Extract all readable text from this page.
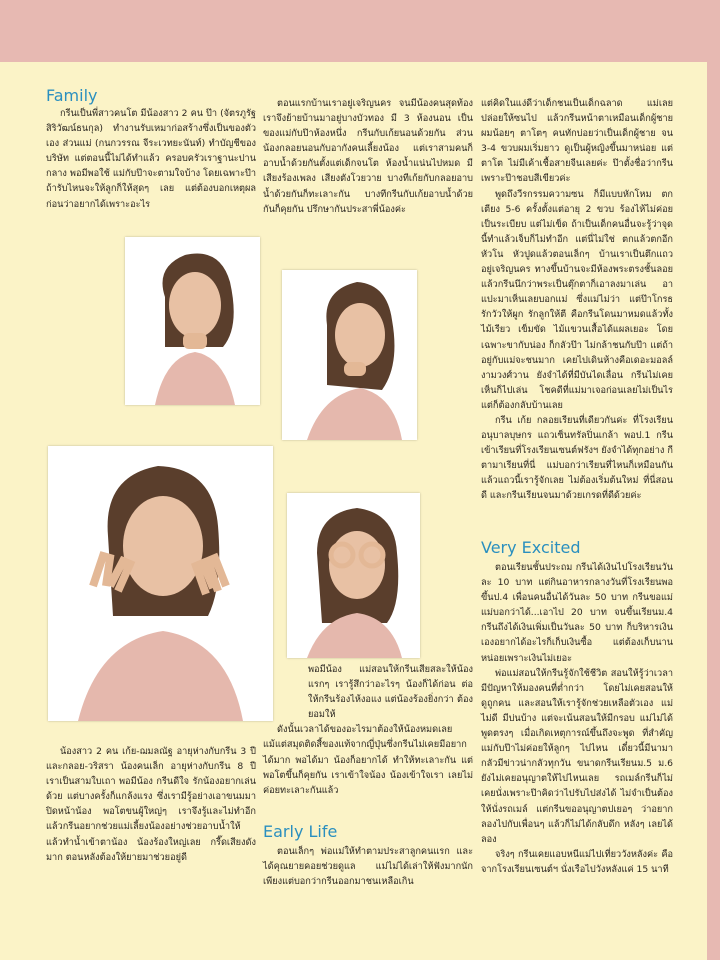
Family

กรีนเป็นพี่สาวคนโต มีน้องสาว 2 คน ป๊า (จัตรภูรัฐ สิริวัฒน์ธนกุล) ทำงานรับเหมาก่อสร้างซึ่งเป็นของตัวเอง ส่วนแม่ (กนกวรรณ จีระเวทยะนันท์) ทำบัญชีของบริษัท แต่ตอนนี้ไม่ได้ทำแล้ว ครอบครัวเราฐานะปานกลาง พอมีพอใช้ แม่กับป๊าจะตามใจบ้าง โดยเฉพาะป๊า ถ้ารับไหนจะให้ลูกก็ให้สุดๆ เลย แต่ต้องบอกเหตุผลก่อนว่าอยากได้เพราะอะไร

น้องสาว 2 คน เก้ย-ฌมลณัฐ อายุห่างกับกรีน 3 ปี และกลอย-วริสรา น้องคนเล็ก อายุห่างกับกรีน 8 ปี เราเป็นสามใบเถา พอมีน้อง กรีนดีใจ รักน้องอยากเล่นด้วย แต่บางครั้งก็แกล้งแรง ซึ่งเรามีรู้อย่างเอาขนมมาปิดหน้าน้อง พอโตขนผู้ใหญ่ๆ เราจึงรู้และไม่ทำอีก แล้วกรีนอยากช่วยแม่เลี้ยงน้องอย่างช่วยอาบน้ำให้ แล้วทำน้ำเข้าตาน้อง น้องร้องใหญ่เลย กรี๊ดเสียงดังมาก ตอนหลังต้องให้ยายมาช่วยอยู่ดี

ตอนแรกบ้านเราอยู่เจริญนคร จนมีน้องคนสุดท้อง เราจึงย้ายบ้านมาอยู่บางบัวทอง มี 3 ห้องนอน เป็นของแม่กับป๊าห้องหนึ่ง กรีนกับเก้ยนอนด้วยกัน ส่วนน้องกลอยนอนกับอากังคนเลี้ยงน้อง แต่เราสามคนก็อาบน้ำด้วยกันตั้งแต่เด็กจนโต ห้องน้ำแน่นไปหมด มีเสียงร้องเพลง เสียงตังโวยวาย บางทีเก้ยกับกลอยอาบน้ำด้วยกันก็ทะเลาะกัน บางทีกรีนกับเก้ยอาบน้ำด้วยกันก็คุยกัน ปรึกษากันประสาพี่น้องค่ะ

พอมีน้อง แม่สอนให้กรีนเสียสละให้น้องแรกๆ เรารู้สึกว่าอะไรๆ น้องก็ได้ก่อน ต่อให้กรีนร้องไห้งอแง แต่น้องร้องยิ่งกว่า ต้องยอมให้

ดังนั้นเวลาได้ของอะไรมาต้องให้น้องหมดเลย แม้แต่สมุดติดสี้ของแท้จากญี่ปุ่นซึ่งกรีนไม่เคยมีอยากได้มาก พอได้มา น้องก็อยากได้ ทำให้ทะเลาะกัน แต่พอโตขึ้นก็คุยกัน เราเข้าใจน้อง น้องเข้าใจเรา เลยไม่ค่อยทะเลาะกันแล้ว

Early Life

ตอนเล็กๆ พ่อแม่ให้ทำตามประสาลูกคนแรก และได้คุณยายคอยช่วยดูแล แม่ไม่ได้เล่าให้ฟังมากนัก เพียงแต่บอกว่ากรีนออกมาชนเหลือเกิน

แต่คิดในแง่ดีว่าเด็กชนเป็นเด็กฉลาด แม่เลยปล่อยให้ซนไป แล้วกรีนหน้าตาเหมือนเด็กผู้ชาย ผมน้อยๆ ตาโตๆ คนทักบ่อยว่าเป็นเด็กผู้ชาย จน 3-4 ขวบผมเริ่มยาว ดูเป็นผู้หญิงขึ้นมาหน่อย แต่ตาโต ไม่มีเค้าเชื้อสายจีนเลยค่ะ ป๊าตั้งชื่อว่ากรีน เพราะป๊าชอบสีเขียวค่ะ

พูดถึงวีรกรรมความซน ก็มีแบบหักโหม ตกเตียง 5-6 ครั้งตั้งแต่อายุ 2 ขวบ ร้องไห้ไม่ค่อยเป็นระเบียบ แต่ไม่เข็ด ถ้าเป็นเด็กคนอื่นจะรู้ว่าจุดนี้ทำแล้วเจ็บก็ไม่ทำอีก แต่นี่ไม่ใช่ ตกแล้วตกอีก หัวโน หัวปูดแล้วตอนเล็กๆ บ้านเราเป็นตึกแถวอยู่เจริญนคร ทางขึ้นบ้านจะมีห้องพระตรงชั้นลอย แล้วกรีนนึกว่าพระเป็นตุ๊กตาก็เอาลงมาเล่น อาแปะมาเห็นเลยบอกแม่ ซึ่งแม่ไม่ว่า แต่ป๊าโกรธ รักวัวให้ผูก รักลูกให้ตี คือกรีนโดนมาหมดแล้วทั้งไม้เรียว เข็มขัด ไม้แขวนเสื้อได้แผลเยอะ โดยเฉพาะขากับน่อง ก็กลัวป๊า ไม่กล้าชนกับป๊า แต่ถ้าอยู่กับแม่จะชนมาก เคยไปเดินห้างคือเดอะมอลล์งามวงศ์วาน ยังจำได้ที่มีบันไดเลื่อน กรีนไม่เคยเห็นก็ไปเล่น โชคดีที่แม่มาเจอก่อนเลยไม่เป็นไร แต่ก็ต้องกลับบ้านเลย

กรีน เก้ย กลอยเรียนที่เดียวกันค่ะ ที่โรงเรียนอนุบาลบุษกร แถวเซ็นทรัลปิ่นเกล้า พอป.1 กรีนเข้าเรียนที่โรงเรียนเซนต์ฟรังฯ ยังจำได้ทุกอย่าง กีตามาเรียนที่นี่ แม่บอกว่าเรียนที่ไหนก็เหมือนกัน แล้วแถวนี้เรารู้จักเลย ไม่ต้องเริ่มต้นใหม่ ที่นี่สอนดี และกรีนเรียนจนมาด้วยเกรดที่ดีด้วยค่ะ

Very Excited

ตอนเรียนชั้นประถม กรีนได้เงินไปโรงเรียนวันละ 10 บาท แต่กินอาหารกลางวันที่โรงเรียนพอขึ้นป.4 เพื่อนคนอื่นได้วันละ 50 บาท กรีนขอแม่แม่บอกว่าได้...เอาไป 20 บาท จนขึ้นเรียนม.4 กรีนถึงได้เงินเพิ่มเป็นวันละ 50 บาท ก็บริหารเงินเองอยากได้อะไรก็เก็บเงินซื้อ แต่ต้องเก็บนานหน่อยเพราะเงินไม่เยอะ

พ่อแม่สอนให้กรีนรู้จักใช้ชีวิต สอนให้รู้ว่าเวลามีปัญหาให้มองคนที่ต่ำกว่า โดยไม่เคยสอนให้ดูถูกคน และสอนให้เรารู้จักช่วยเหลือตัวเอง แม่ไม่ดี มีบ่นบ้าง แต่จะเน้นสอนให้มีกรอบ แม่ไม่ได้พูดตรงๆ เมื่อเกิดเหตุการณ์ขึ้นถึงจะพูด ที่สำคัญแม่กับป๊าไม่ค่อยให้ลูกๆ ไปไหน เดี๋ยวนี้มีนามากลัวมีข่าวน่ากลัวทุกวัน ขนาดกรีนเรียนม.5 ม.6 ยังไม่เคยอนุญาตให้ไปไหนเลย รถเมล์กรีนก็ไม่เคยนั่งเพราะป๊าคิดว่าไปรับไปส่งได้ ไม่จำเป็นต้องให้นั่งรถเมล์ แต่กรีนขออนุญาตปเยอๆ ว่าอยากลองไปกับเพื่อนๆ แล้วก็ไม่ได้กลับดึก หลังๆ เลยได้ลอง

จริงๆ กรีนเคยแอบหนีแม่ไปเที่ยววังหลังค่ะ คือจากโรงเรียนเซนต์ฯ นั่งเรือไปวังหลังแค่ 15 นาที
